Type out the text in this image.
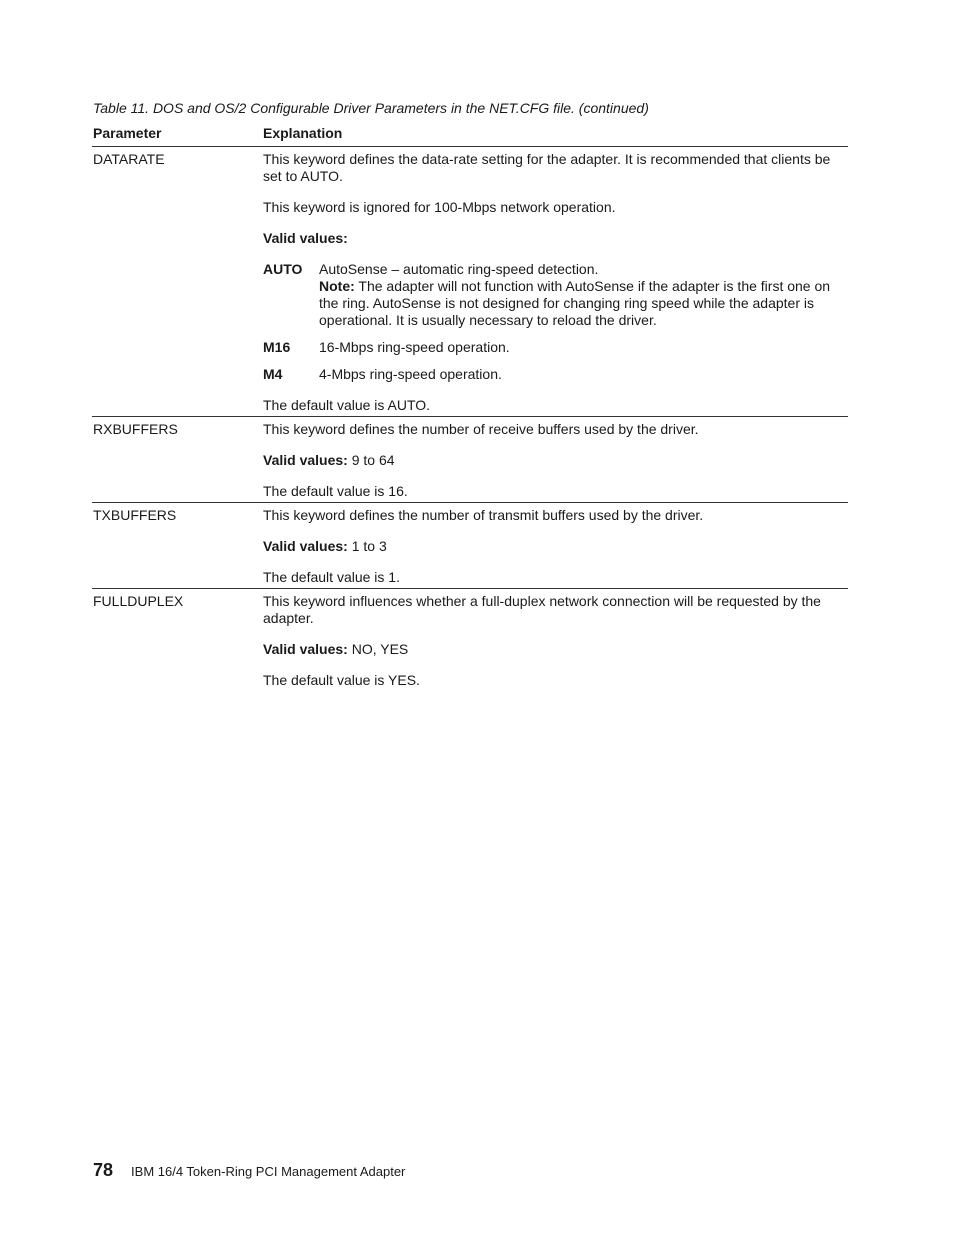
Table 11. DOS and OS/2 Configurable Driver Parameters in the NET.CFG file. (continued)
Parameter	Explanation
DATARATE	This keyword defines the data-rate setting for the adapter. It is recommended that clients be set to AUTO.

This keyword is ignored for 100-Mbps network operation.

Valid values:

AUTO	AutoSense – automatic ring-speed detection.
Note: The adapter will not function with AutoSense if the adapter is the first one on the ring. AutoSense is not designed for changing ring speed while the adapter is operational. It is usually necessary to reload the driver.
M16	16-Mbps ring-speed operation.
M4	4-Mbps ring-speed operation.

The default value is AUTO.

RXBUFFERS	This keyword defines the number of receive buffers used by the driver.

Valid values: 9 to 64

The default value is 16.

TXBUFFERS	This keyword defines the number of transmit buffers used by the driver.

Valid values: 1 to 3

The default value is 1.

FULLDUPLEX	This keyword influences whether a full-duplex network connection will be requested by the adapter.

Valid values: NO, YES

The default value is YES.

78 IBM 16/4 Token-Ring PCI Management Adapter
